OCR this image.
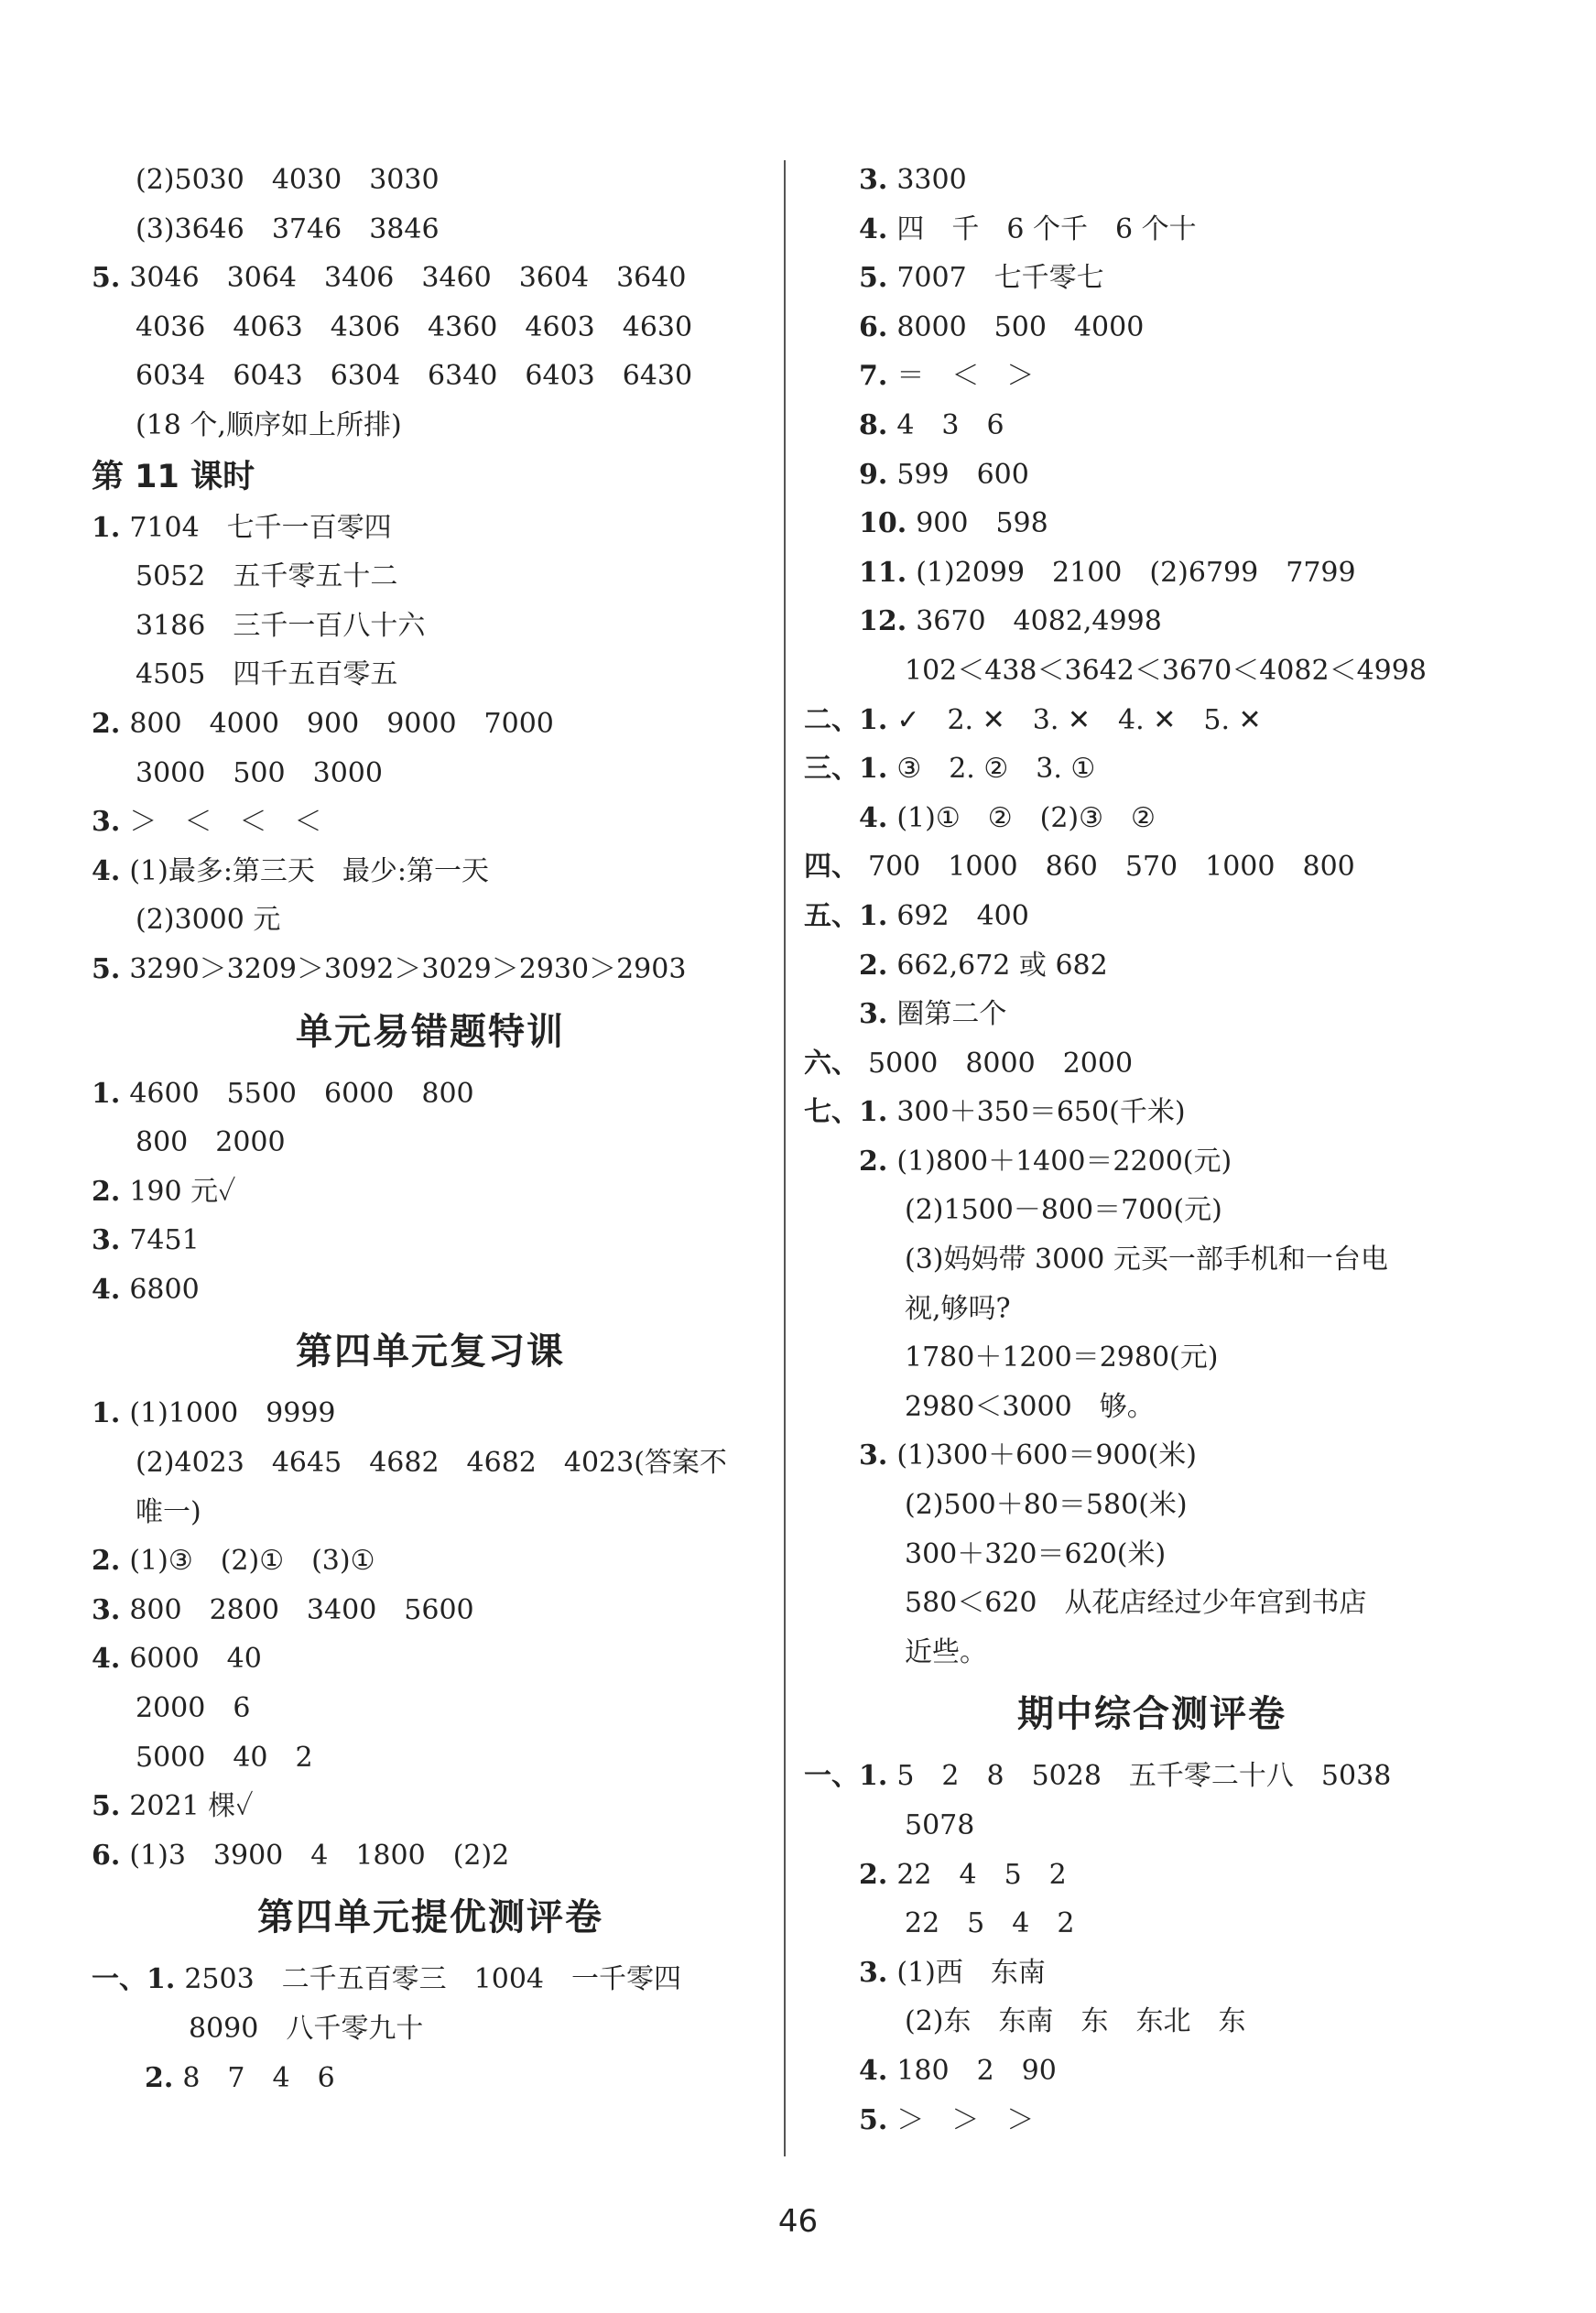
(2)5030　4030　3030
(3)3646　3746　3846
5. 3046　3064　3406　3460　3604　3640
4036　4063　4306　4360　4603　4630
6034　6043　6304　6340　6403　6430
(18 个,顺序如上所排)
第 11 课时
1. 7104　七千一百零四
5052　五千零五十二
3186　三千一百八十六
4505　四千五百零五
2. 800　4000　900　9000　7000
3000　500　3000
3. ＞　＜　＜　＜
4. (1)最多:第三天　最少:第一天
(2)3000 元
5. 3290＞3209＞3092＞3029＞2930＞2903
单元易错题特训
1. 4600　5500　6000　800
800　2000
2. 190 元✓
3. 7451
4. 6800
第四单元复习课
1. (1)1000　9999
(2)4023　4645　4682　4682　4023(答案不
唯一)
2. (1)③　(2)①　(3)①
3. 800　2800　3400　5600
4. 6000　40
2000　6
5000　40　2
5. 2021 棵✓
6. (1)3　3900　4　1800　(2)2
第四单元提优测评卷
一、1. 2503　二千五百零三　1004　一千零四
8090　八千零九十
2. 8　7　4　6
3. 3300
4. 四　千　6 个千　6 个十
5. 7007　七千零七
6. 8000　500　4000
7. ＝　＜　＞
8. 4　3　6
9. 599　600
10. 900　598
11. (1)2099　2100　(2)6799　7799
12. 3670　4082,4998
102＜438＜3642＜3670＜4082＜4998
二、1. ✓　2. ✕　3. ✕　4. ✕　5. ✕
三、1. ③　2. ②　3. ①
4. (1)①　②　(2)③　②
四、 700　1000　860　570　1000　800
五、1. 692　400
2. 662,672 或 682
3. 圈第二个
六、 5000　8000　2000
七、1. 300＋350＝650(千米)
2. (1)800＋1400＝2200(元)
(2)1500－800＝700(元)
(3)妈妈带 3000 元买一部手机和一台电
视,够吗?
1780＋1200＝2980(元)
2980＜3000　够。
3. (1)300＋600＝900(米)
(2)500＋80＝580(米)
300＋320＝620(米)
580＜620　从花店经过少年宫到书店
近些。
期中综合测评卷
一、1. 5　2　8　5028　五千零二十八　5038
5078
2. 22　4　5　2
22　5　4　2
3. (1)西　东南
(2)东　东南　东　东北　东
4. 180　2　90
5. ＞　＞　＞
46
